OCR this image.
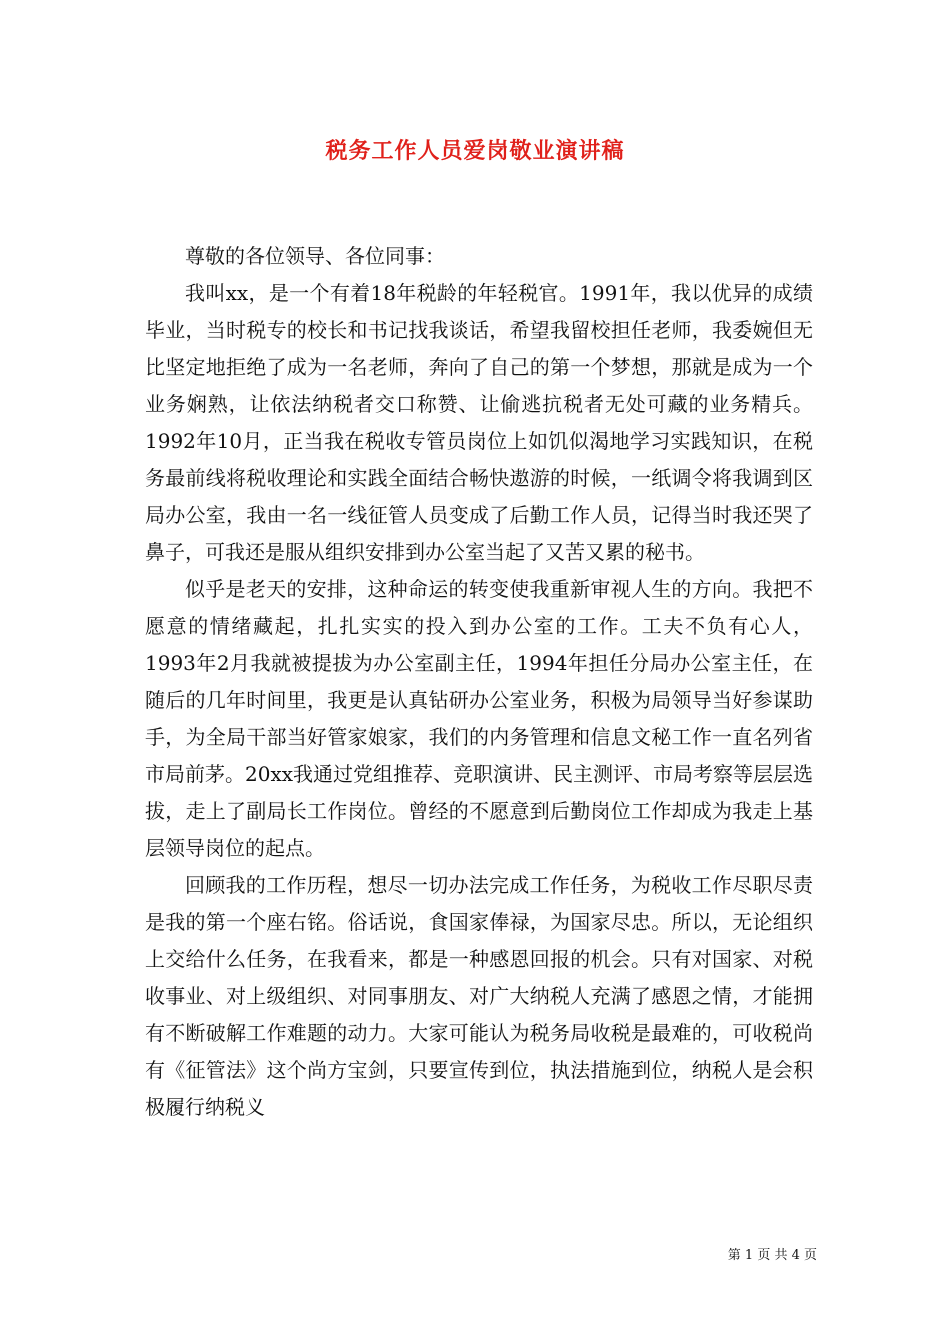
税务工作人员爱岗敬业演讲稿

尊敬的各位领导、各位同事：

我叫xx，是一个有着18年税龄的年轻税官。1991年，我以优异的成绩毕业，当时税专的校长和书记找我谈话，希望我留校担任老师，我委婉但无比坚定地拒绝了成为一名老师，奔向了自己的第一个梦想，那就是成为一个业务娴熟，让依法纳税者交口称赞、让偷逃抗税者无处可藏的业务精兵。1992年10月，正当我在税收专管员岗位上如饥似渴地学习实践知识，在税务最前线将税收理论和实践全面结合畅快遨游的时候，一纸调令将我调到区局办公室，我由一名一线征管人员变成了后勤工作人员，记得当时我还哭了鼻子，可我还是服从组织安排到办公室当起了又苦又累的秘书。

似乎是老天的安排，这种命运的转变使我重新审视人生的方向。我把不愿意的情绪藏起，扎扎实实的投入到办公室的工作。工夫不负有心人，1993年2月我就被提拔为办公室副主任，1994年担任分局办公室主任，在随后的几年时间里，我更是认真钻研办公室业务，积极为局领导当好参谋助手，为全局干部当好管家娘家，我们的内务管理和信息文秘工作一直名列省市局前茅。20xx我通过党组推荐、竞职演讲、民主测评、市局考察等层层选拔，走上了副局长工作岗位。曾经的不愿意到后勤岗位工作却成为我走上基层领导岗位的起点。

回顾我的工作历程，想尽一切办法完成工作任务，为税收工作尽职尽责是我的第一个座右铭。俗话说，食国家俸禄，为国家尽忠。所以，无论组织上交给什么任务，在我看来，都是一种感恩回报的机会。只有对国家、对税收事业、对上级组织、对同事朋友、对广大纳税人充满了感恩之情，才能拥有不断破解工作难题的动力。大家可能认为税务局收税是最难的，可收税尚有《征管法》这个尚方宝剑，只要宣传到位，执法措施到位，纳税人是会积极履行纳税义

第 1 页 共 4 页
